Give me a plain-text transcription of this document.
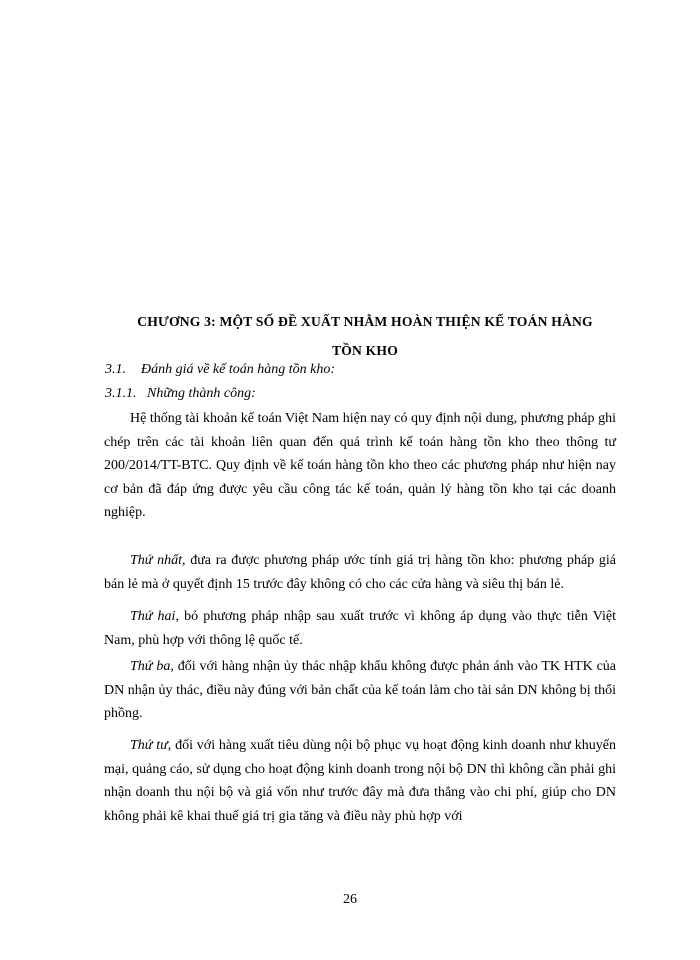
CHƯƠNG 3: MỘT SỐ ĐỀ XUẤT NHẰM HOÀN THIỆN KẾ TOÁN HÀNG
TỒN KHO
3.1. Đánh giá về kế toán hàng tồn kho:
3.1.1. Những thành công:
Hệ thống tài khoản kế toán Việt Nam hiện nay có quy định nội dung, phương pháp ghi chép trên các tài khoản liên quan đến quá trình kế toán hàng tồn kho theo thông tư 200/2014/TT-BTC. Quy định về kế toán hàng tồn kho theo các phương pháp như hiện nay cơ bản đã đáp ứng được yêu cầu công tác kế toán, quản lý hàng tồn kho tại các doanh nghiệp.
Thứ nhất, đưa ra được phương pháp ước tính giá trị hàng tồn kho: phương pháp giá bán lẻ mà ở quyết định 15 trước đây không có cho các cửa hàng và siêu thị bán lẻ.
Thứ hai, bỏ phương pháp nhập sau xuất trước vì không áp dụng vào thực tiễn Việt Nam, phù hợp với thông lệ quốc tế.
Thứ ba, đối với hàng nhận ủy thác nhập khẩu không được phản ánh vào TK HTK của DN nhận ủy thác, điều này đúng với bản chất của kế toán làm cho tài sản DN không bị thổi phồng.
Thứ tư, đối với hàng xuất tiêu dùng nội bộ phục vụ hoạt động kinh doanh như khuyến mại, quảng cáo, sử dụng cho hoạt động kinh doanh trong nội bộ DN thì không cần phải ghi nhận doanh thu nội bộ và giá vốn như trước đây mà đưa thẳng vào chi phí, giúp cho DN không phải kê khai thuế giá trị gia tăng và điều này phù hợp với
26
